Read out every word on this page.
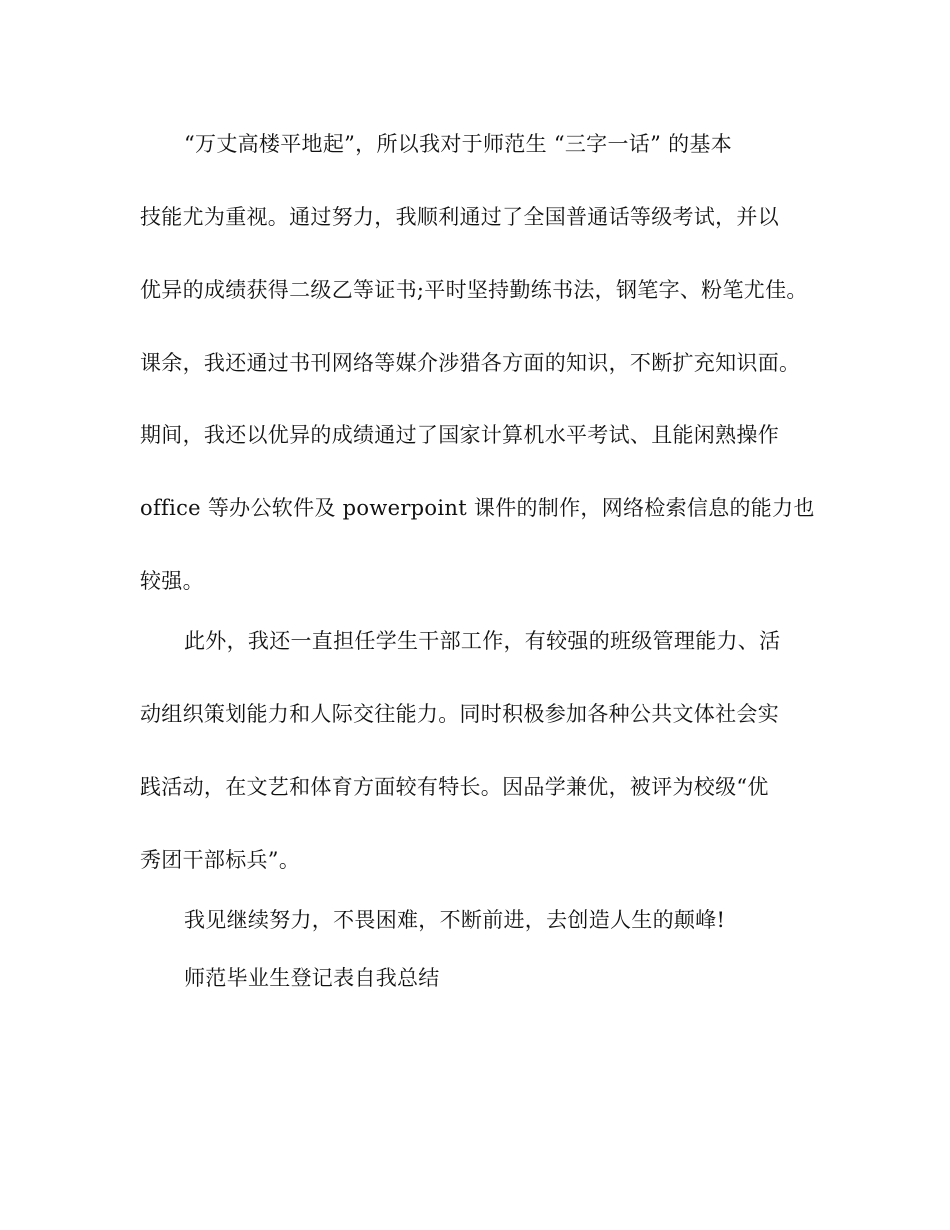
“万丈高楼平地起”，所以我对于师范生 “三字一话” 的基本
技能尤为重视。通过努力，我顺利通过了全国普通话等级考试，并以
优异的成绩获得二级乙等证书;平时坚持勤练书法，钢笔字、粉笔尤佳。
课余，我还通过书刊网络等媒介涉猎各方面的知识，不断扩充知识面。
期间，我还以优异的成绩通过了国家计算机水平考试、且能闲熟操作
office 等办公软件及 powerpoint 课件的制作，网络检索信息的能力也
较强。
此外，我还一直担任学生干部工作，有较强的班级管理能力、活
动组织策划能力和人际交往能力。同时积极参加各种公共文体社会实
践活动，在文艺和体育方面较有特长。因品学兼优，被评为校级“优
秀团干部标兵”。
我见继续努力，不畏困难，不断前进，去创造人生的颠峰!
师范毕业生登记表自我总结
